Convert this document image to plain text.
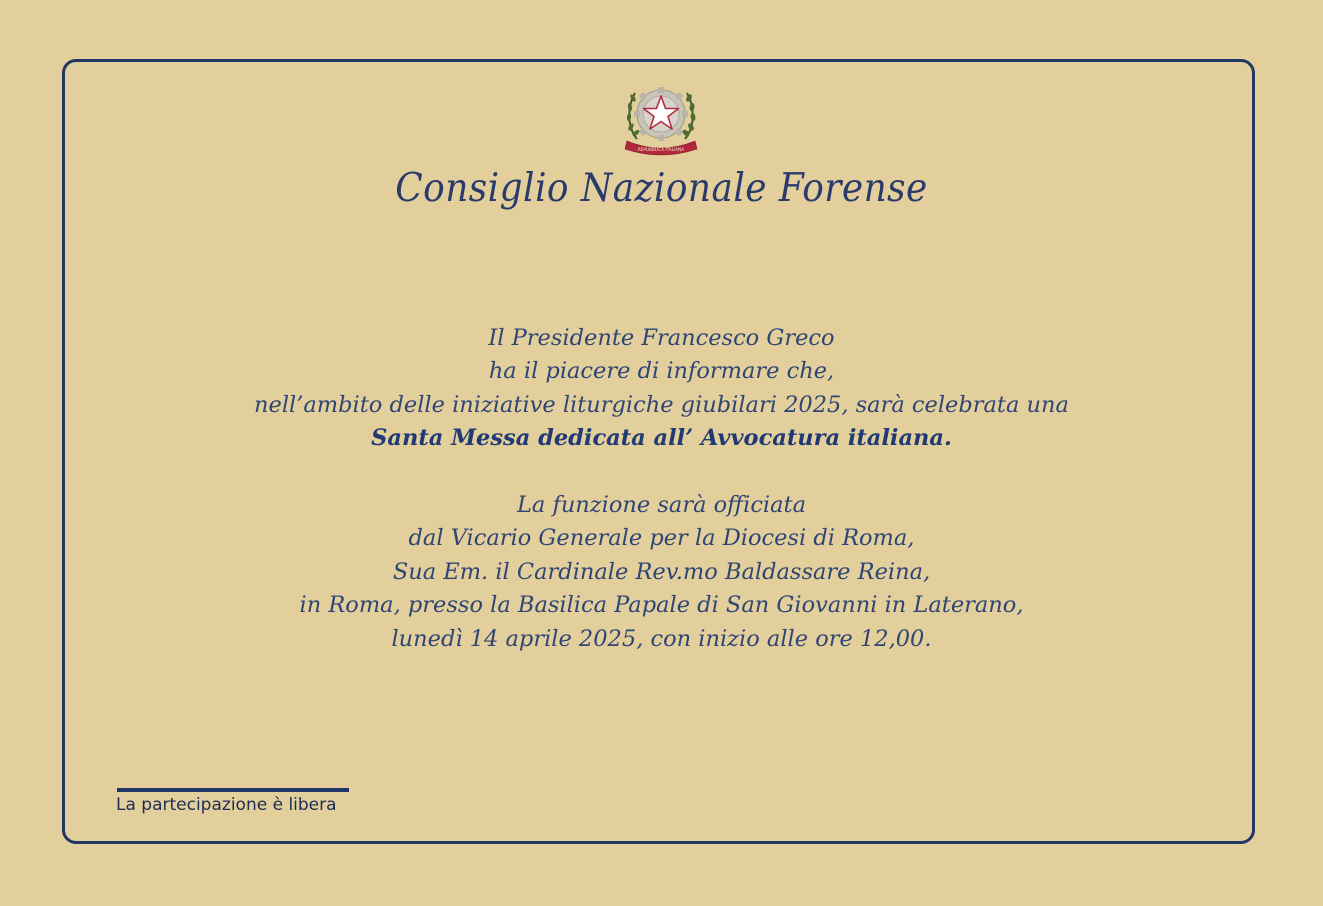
REPUBBLICA ITALIANA
Consiglio Nazionale Forense
Il Presidente Francesco Greco
ha il piacere di informare che,
nell’ambito delle iniziative liturgiche giubilari 2025, sarà celebrata una
Santa Messa dedicata all’ Avvocatura italiana.
La funzione sarà officiata
dal Vicario Generale per la Diocesi di Roma,
Sua Em. il Cardinale Rev.mo Baldassare Reina,
in Roma, presso la Basilica Papale di San Giovanni in Laterano,
lunedì 14 aprile 2025, con inizio alle ore 12,00.
La partecipazione è libera
